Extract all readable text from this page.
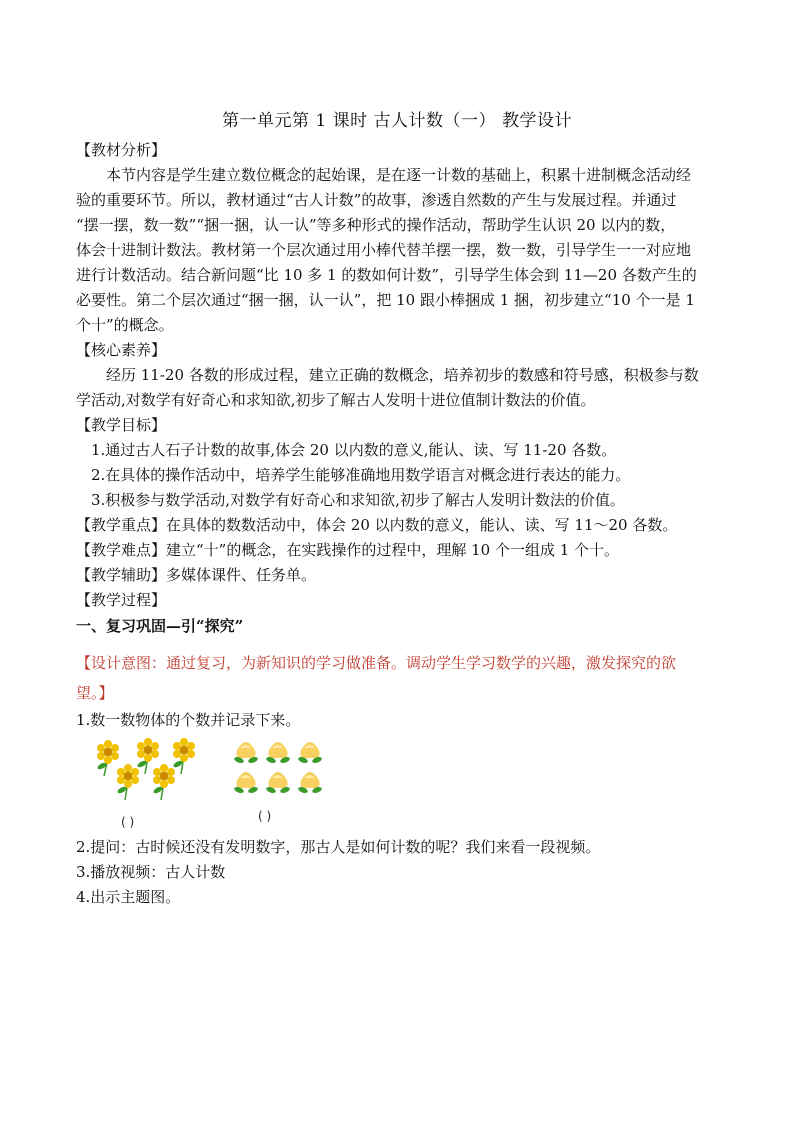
第一单元第 1 课时 古人计数（一） 教学设计
【教材分析】
本节内容是学生建立数位概念的起始课，是在逐一计数的基础上，积累十进制概念活动经
验的重要环节。所以，教材通过“古人计数”的故事，渗透自然数的产生与发展过程。并通过
“摆一摆，数一数”“捆一捆，认一认”等多种形式的操作活动，帮助学生认识 20 以内的数，
体会十进制计数法。教材第一个层次通过用小棒代替羊摆一摆，数一数，引导学生一一对应地
进行计数活动。结合新问题“比 10 多 1 的数如何计数”，引导学生体会到 11—20 各数产生的
必要性。第二个层次通过“捆一捆，认一认”，把 10 跟小棒捆成 1 捆，初步建立“10 个一是 1
个十”的概念。
【核心素养】
经历 11-20 各数的形成过程，建立正确的数概念，培养初步的数感和符号感，积极参与数
学活动,对数学有好奇心和求知欲,初步了解古人发明十进位值制计数法的价值。
【教学目标】
1.通过古人石子计数的故事,体会 20 以内数的意义,能认、读、写 11-20 各数。
2.在具体的操作活动中，培养学生能够准确地用数学语言对概念进行表达的能力。
3.积极参与数学活动,对数学有好奇心和求知欲,初步了解古人发明计数法的价值。
【教学重点】在具体的数数活动中，体会 20 以内数的意义，能认、读、写 11～20 各数。
【教学难点】建立“十”的概念，在实践操作的过程中，理解 10 个一组成 1 个十。
【教学辅助】多媒体课件、任务单。
【教学过程】
一、复习巩固—引“探究”
【设计意图：通过复习，为新知识的学习做准备。调动学生学习数学的兴趣，激发探究的欲
望。】
1.数一数物体的个数并记录下来。
( )	( )
2.提问：古时候还没有发明数字，那古人是如何计数的呢？我们来看一段视频。
3.播放视频：古人计数
4.出示主题图。
